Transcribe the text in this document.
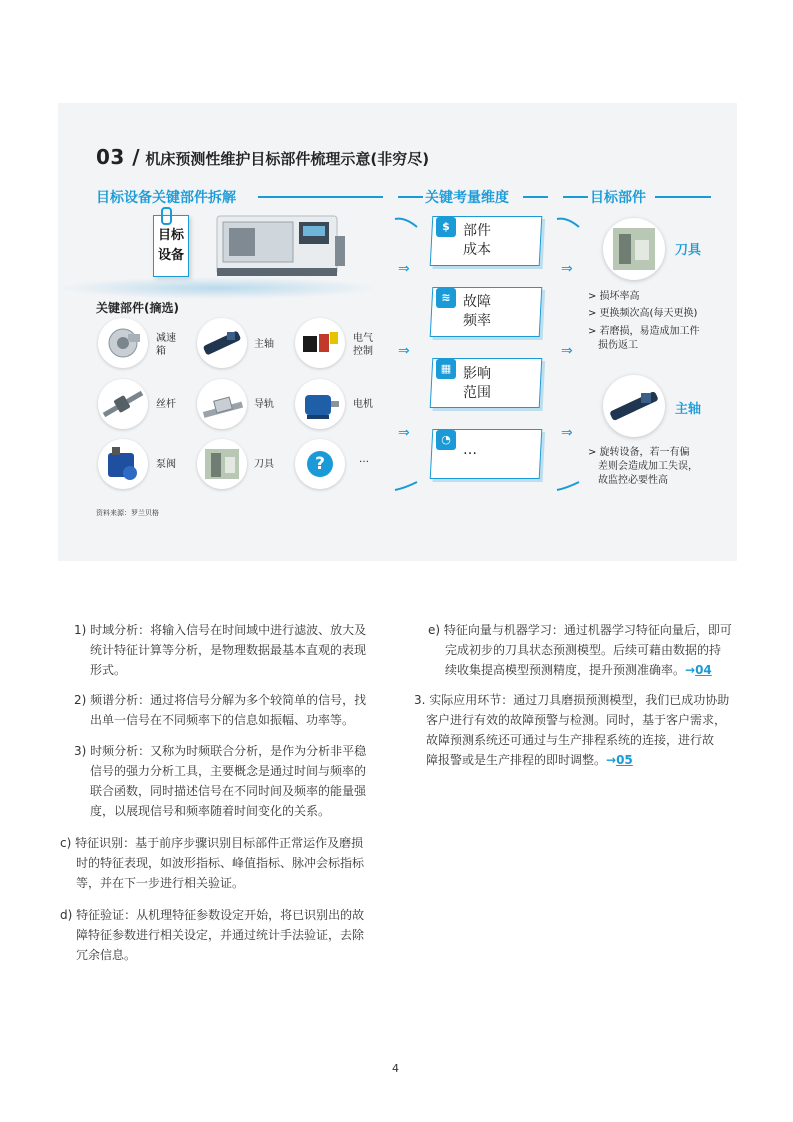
03 / 机床预测性维护目标部件梳理示意(非穷尽)
目标设备关键部件拆解	关键考量维度	目标部件
目标
设备
关键部件(摘选)
减速
箱
主轴
电气
控制
丝杆	导轨	电机
泵阀	刀具	?	…
⇒
⇒
⇒
$ 部件
成本
≋ 故障
频率
▦ 影响
范围
◔
…
⇒
⇒
⇒
刀具
> 损坏率高
> 更换频次高(每天更换)
> 若磨损，易造成加工件
损伤返工
主轴
> 旋转设备，若一有偏
差则会造成加工失误，
故监控必要性高
资料来源：罗兰贝格
1) 时域分析：将输入信号在时间域中进行滤波、放大及
统计特征计算等分析，是物理数据最基本直观的表现
形式。
2) 频谱分析：通过将信号分解为多个较简单的信号，找
出单一信号在不同频率下的信息如振幅、功率等。
3) 时频分析：又称为时频联合分析，是作为分析非平稳
信号的强力分析工具，主要概念是通过时间与频率的
联合函数，同时描述信号在不同时间及频率的能量强
度，以展现信号和频率随着时间变化的关系。
c) 特征识别：基于前序步骤识别目标部件正常运作及磨损
时的特征表现，如波形指标、峰值指标、脉冲会标指标
等，并在下一步进行相关验证。
d) 特征验证：从机理特征参数设定开始，将已识别出的故
障特征参数进行相关设定，并通过统计手法验证，去除
冗余信息。
e) 特征向量与机器学习：通过机器学习特征向量后，即可
完成初步的刀具状态预测模型。后续可藉由数据的持
续收集提高模型预测精度，提升预测准确率。→04
3. 实际应用环节：通过刀具磨损预测模型，我们已成功协助
客户进行有效的故障预警与检测。同时，基于客户需求，
故障预测系统还可通过与生产排程系统的连接，进行故
障报警或是生产排程的即时调整。→05
4
